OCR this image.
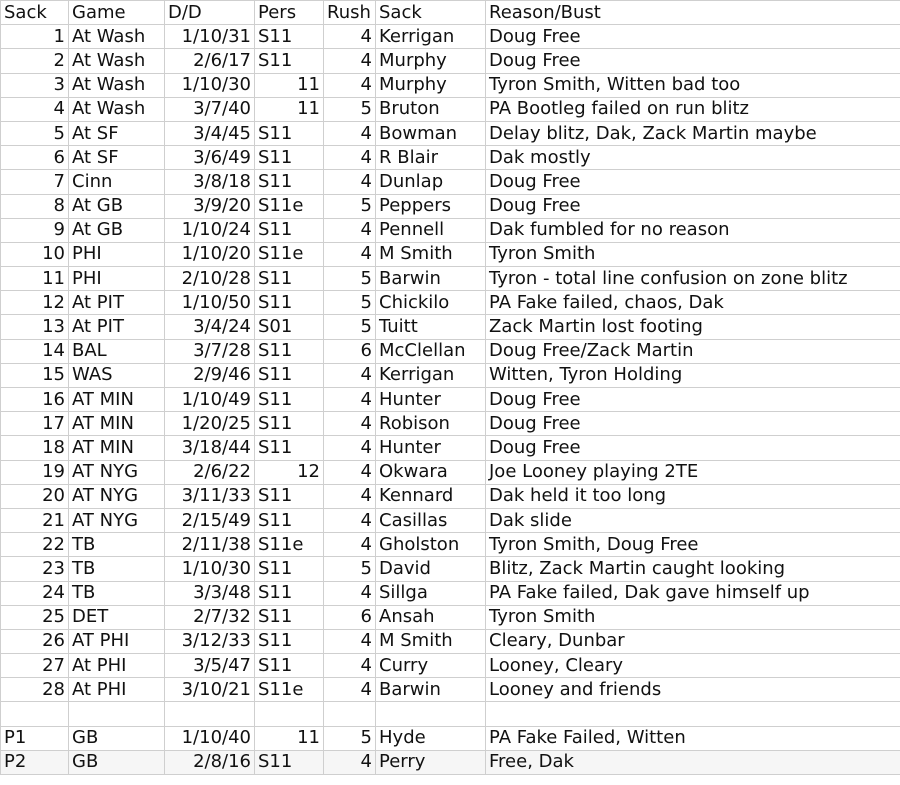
Sack	Game	D/D	Pers	Rush	Sack	Reason/Bust
1	At Wash	1/10/31	S11	4	Kerrigan	Doug Free
2	At Wash	2/6/17	S11	4	Murphy	Doug Free
3	At Wash	1/10/30	11	4	Murphy	Tyron Smith, Witten bad too
4	At Wash	3/7/40	11	5	Bruton	PA Bootleg failed on run blitz
5	At SF	3/4/45	S11	4	Bowman	Delay blitz, Dak, Zack Martin maybe
6	At SF	3/6/49	S11	4	R Blair	Dak mostly
7	Cinn	3/8/18	S11	4	Dunlap	Doug Free
8	At GB	3/9/20	S11e	5	Peppers	Doug Free
9	At GB	1/10/24	S11	4	Pennell	Dak fumbled for no reason
10	PHI	1/10/20	S11e	4	M Smith	Tyron Smith
11	PHI	2/10/28	S11	5	Barwin	Tyron - total line confusion on zone blitz
12	At PIT	1/10/50	S11	5	Chickilo	PA Fake failed, chaos, Dak
13	At PIT	3/4/24	S01	5	Tuitt	Zack Martin lost footing
14	BAL	3/7/28	S11	6	McClellan	Doug Free/Zack Martin
15	WAS	2/9/46	S11	4	Kerrigan	Witten, Tyron Holding
16	AT MIN	1/10/49	S11	4	Hunter	Doug Free
17	AT MIN	1/20/25	S11	4	Robison	Doug Free
18	AT MIN	3/18/44	S11	4	Hunter	Doug Free
19	AT NYG	2/6/22	12	4	Okwara	Joe Looney playing 2TE
20	AT NYG	3/11/33	S11	4	Kennard	Dak held it too long
21	AT NYG	2/15/49	S11	4	Casillas	Dak slide
22	TB	2/11/38	S11e	4	Gholston	Tyron Smith, Doug Free
23	TB	1/10/30	S11	5	David	Blitz, Zack Martin caught looking
24	TB	3/3/48	S11	4	Sillga	PA Fake failed, Dak gave himself up
25	DET	2/7/32	S11	6	Ansah	Tyron Smith
26	AT PHI	3/12/33	S11	4	M Smith	Cleary, Dunbar
27	At PHI	3/5/47	S11	4	Curry	Looney, Cleary
28	At PHI	3/10/21	S11e	4	Barwin	Looney and friends

P1	GB	1/10/40	11	5	Hyde	PA Fake Failed, Witten
P2	GB	2/8/16	S11	4	Perry	Free, Dak
